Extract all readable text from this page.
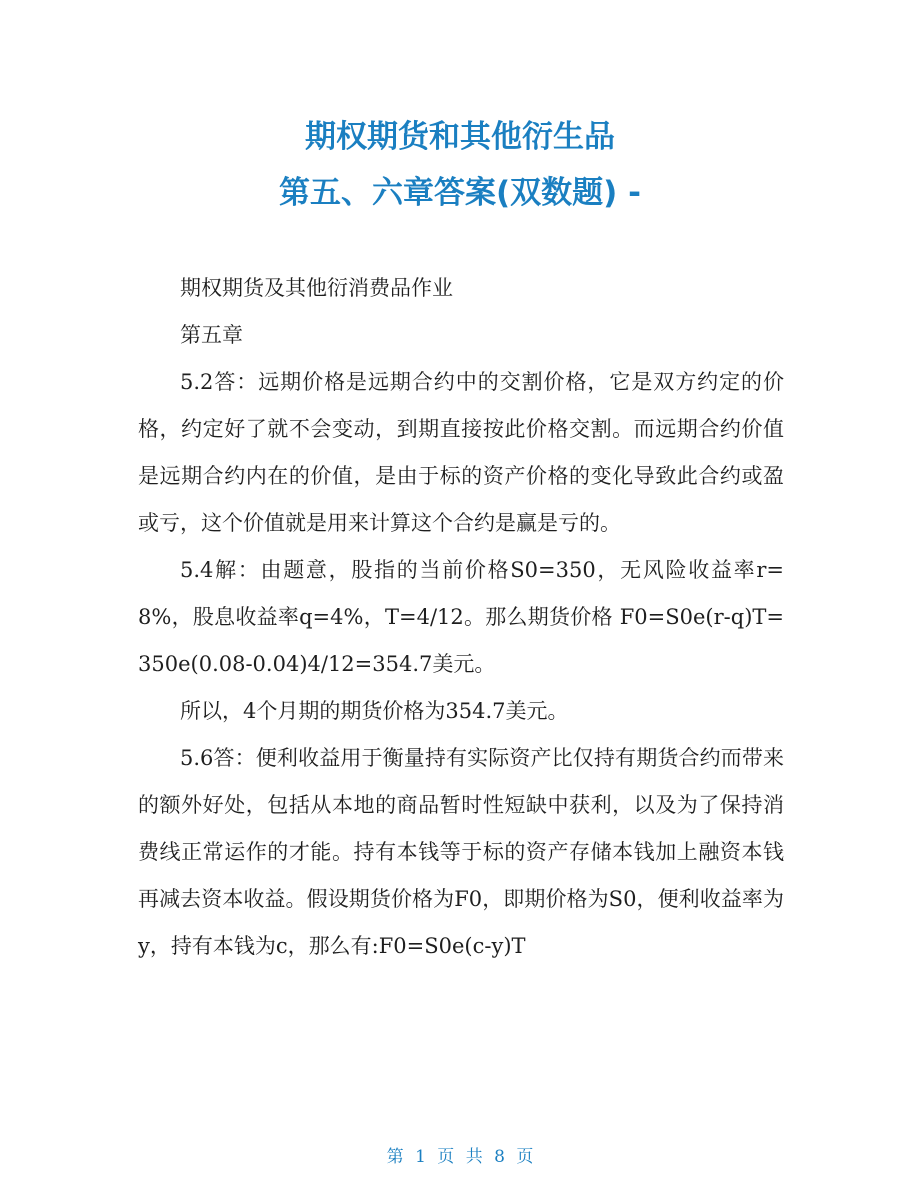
期权期货和其他衍生品
第五、六章答案(双数题) -

期权期货及其他衍消费品作业

第五章

5.2答：远期价格是远期合约中的交割价格，它是双方约定的价格，约定好了就不会变动，到期直接按此价格交割。而远期合约价值是远期合约内在的价值，是由于标的资产价格的变化导致此合约或盈或亏，这个价值就是用来计算这个合约是赢是亏的。

5.4解：由题意，股指的当前价格S0=350，无风险收益率r=8%，股息收益率q=4%，T=4/12。那么期货价格 F0=S0e(r-q)T=350e(0.08-0.04)4/12=354.7美元。

所以，4个月期的期货价格为354.7美元。

5.6答：便利收益用于衡量持有实际资产比仅持有期货合约而带来的额外好处，包括从本地的商品暂时性短缺中获利，以及为了保持消费线正常运作的才能。持有本钱等于标的资产存储本钱加上融资本钱再减去资本收益。假设期货价格为F0，即期价格为S0，便利收益率为y，持有本钱为c，那么有:F0=S0e(c-y)T

第 1 页 共 8 页
